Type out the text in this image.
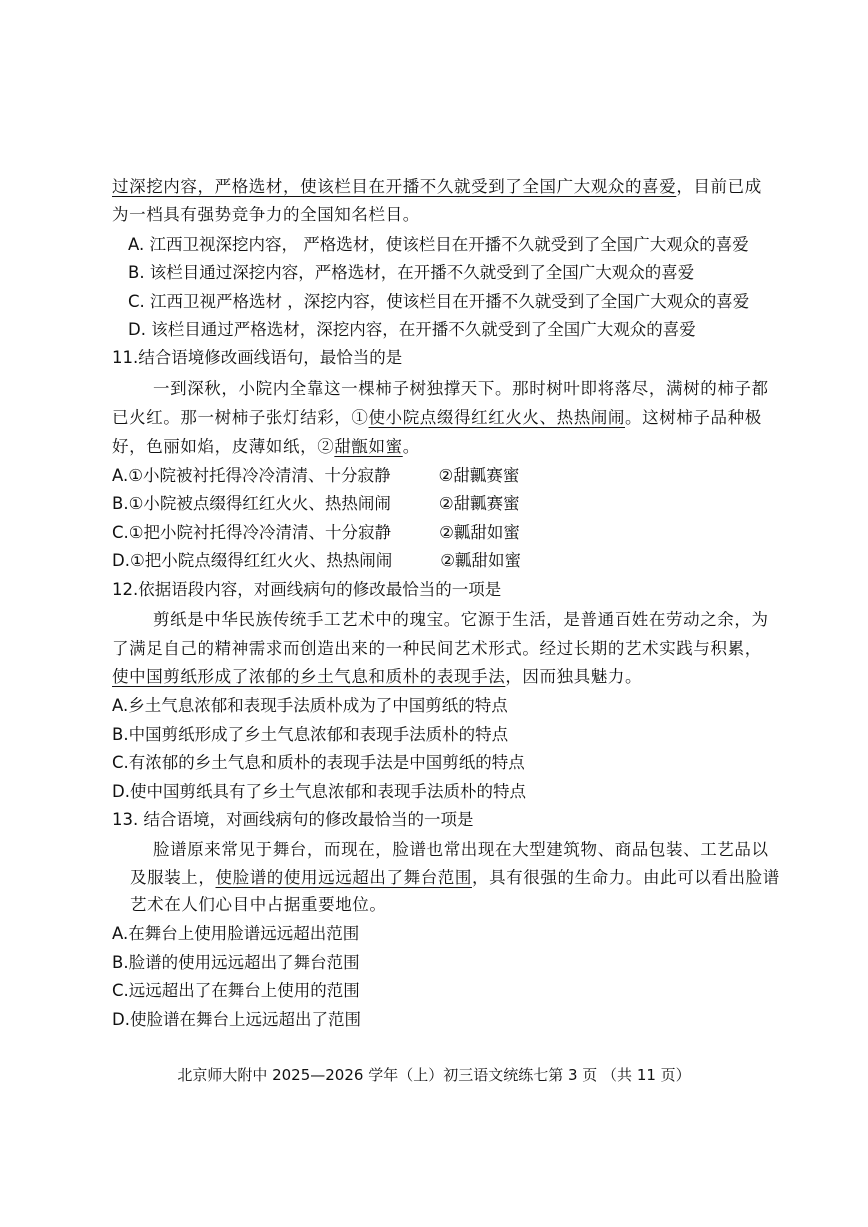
过深挖内容，严格选材，使该栏目在开播不久就受到了全国广大观众的喜爱，目前已成
为一档具有强势竞争力的全国知名栏目。
A. 江西卫视深挖内容， 严格选材，使该栏目在开播不久就受到了全国广大观众的喜爱
B. 该栏目通过深挖内容，严格选材，在开播不久就受到了全国广大观众的喜爱
C. 江西卫视严格选材 ，深挖内容，使该栏目在开播不久就受到了全国广大观众的喜爱
D. 该栏目通过严格选材，深挖内容，在开播不久就受到了全国广大观众的喜爱
11.结合语境修改画线语句，最恰当的是
一到深秋，小院内全靠这一棵柿子树独撑天下。那时树叶即将落尽，满树的柿子都
已火红。那一树柿子张灯结彩，①使小院点缀得红红火火、热热闹闹。这树柿子品种极
好，色丽如焰，皮薄如纸，②甜甑如蜜。
A.①小院被衬托得冷冷清清、十分寂静	②甜瓤赛蜜
B.①小院被点缀得红红火火、热热闹闹	②甜瓤赛蜜
C.①把小院衬托得冷冷清清、十分寂静	②瓤甜如蜜
D.①把小院点缀得红红火火、热热闹闹	②瓤甜如蜜
12.依据语段内容，对画线病句的修改最恰当的一项是
剪纸是中华民族传统手工艺术中的瑰宝。它源于生活，是普通百姓在劳动之余，为
了满足自己的精神需求而创造出来的一种民间艺术形式。经过长期的艺术实践与积累，
使中国剪纸形成了浓郁的乡土气息和质朴的表现手法，因而独具魅力。
A.乡土气息浓郁和表现手法质朴成为了中国剪纸的特点
B.中国剪纸形成了乡土气息浓郁和表现手法质朴的特点
C.有浓郁的乡土气息和质朴的表现手法是中国剪纸的特点
D.使中国剪纸具有了乡土气息浓郁和表现手法质朴的特点
13. 结合语境，对画线病句的修改最恰当的一项是
脸谱原来常见于舞台，而现在，脸谱也常出现在大型建筑物、商品包装、工艺品以
及服装上，使脸谱的使用远远超出了舞台范围，具有很强的生命力。由此可以看出脸谱
艺术在人们心目中占据重要地位。
A.在舞台上使用脸谱远远超出范围
B.脸谱的使用远远超出了舞台范围
C.远远超出了在舞台上使用的范围
D.使脸谱在舞台上远远超出了范围
北京师大附中 2025—2026 学年（上）初三语文统练七第 3 页 （共 11 页）
